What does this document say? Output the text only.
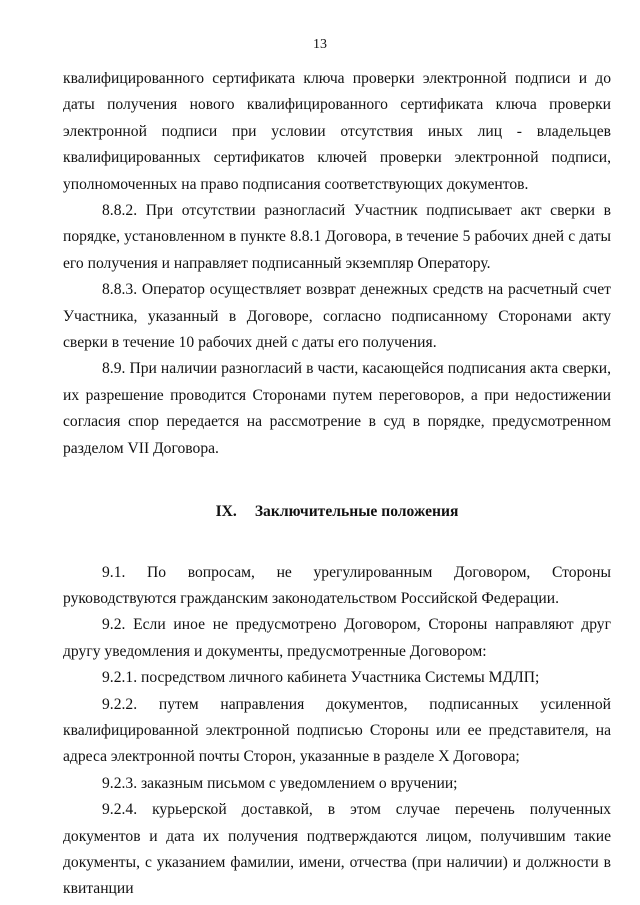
13

квалифицированного сертификата ключа проверки электронной подписи и до даты получения нового квалифицированного сертификата ключа проверки электронной подписи при условии отсутствия иных лиц - владельцев квалифицированных сертификатов ключей проверки электронной подписи, уполномоченных на право подписания соответствующих документов.

8.8.2. При отсутствии разногласий Участник подписывает акт сверки в порядке, установленном в пункте 8.8.1 Договора, в течение 5 рабочих дней с даты его получения и направляет подписанный экземпляр Оператору.

8.8.3. Оператор осуществляет возврат денежных средств на расчетный счет Участника, указанный в Договоре, согласно подписанному Сторонами акту сверки в течение 10 рабочих дней с даты его получения.

8.9. При наличии разногласий в части, касающейся подписания акта сверки, их разрешение проводится Сторонами путем переговоров, а при недостижении согласия спор передается на рассмотрение в суд в порядке, предусмотренном разделом VII Договора.

IX. Заключительные положения

9.1. По вопросам, не урегулированным Договором, Стороны руководствуются гражданским законодательством Российской Федерации.

9.2. Если иное не предусмотрено Договором, Стороны направляют друг другу уведомления и документы, предусмотренные Договором:

9.2.1. посредством личного кабинета Участника Системы МДЛП;

9.2.2. путем направления документов, подписанных усиленной квалифицированной электронной подписью Стороны или ее представителя, на адреса электронной почты Сторон, указанные в разделе X Договора;

9.2.3. заказным письмом с уведомлением о вручении;

9.2.4. курьерской доставкой, в этом случае перечень полученных документов и дата их получения подтверждаются лицом, получившим такие документы, с указанием фамилии, имени, отчества (при наличии) и должности в квитанции
